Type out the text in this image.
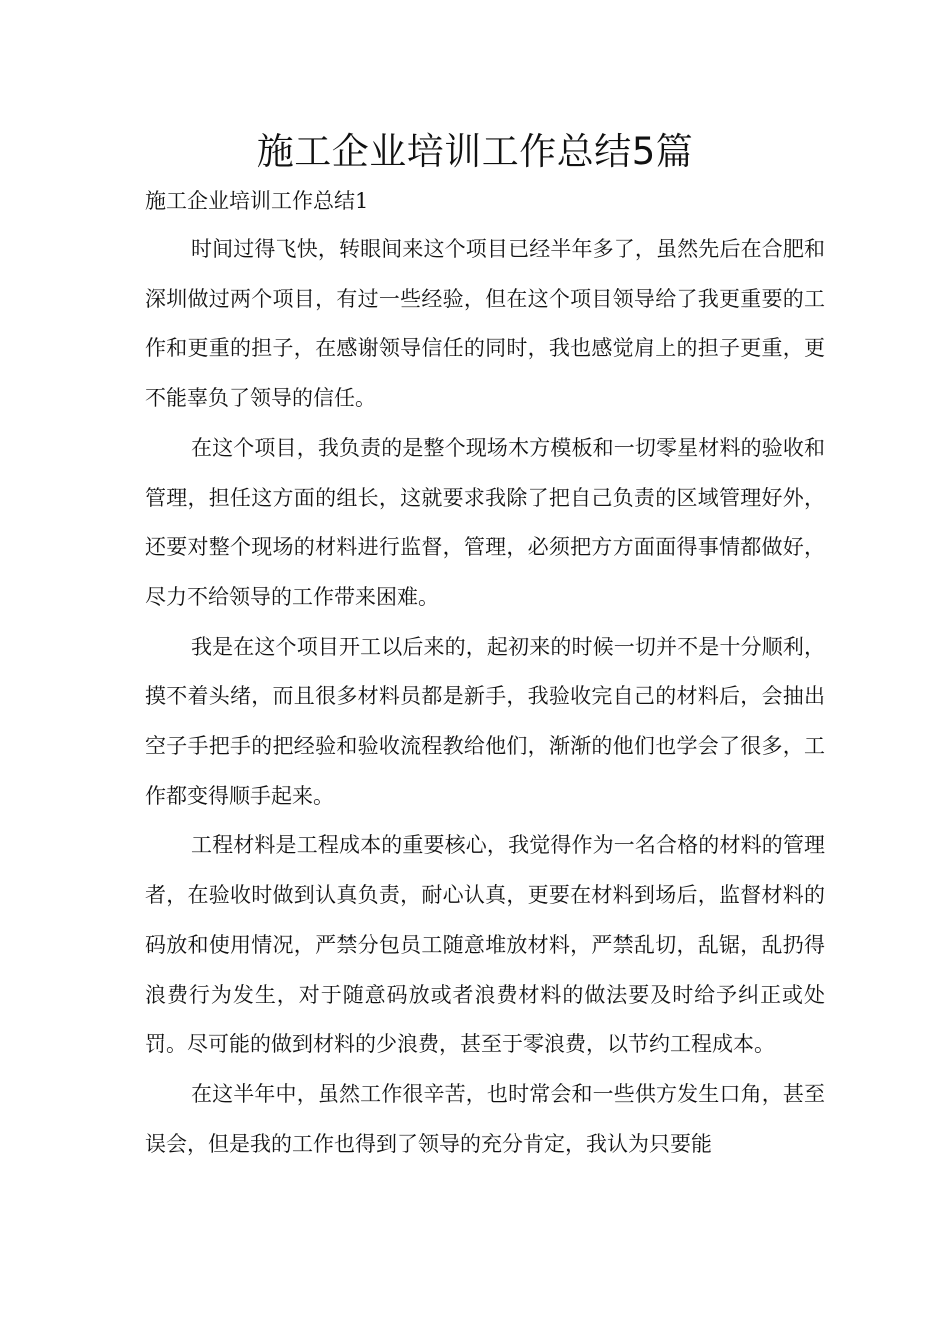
施工企业培训工作总结5篇

施工企业培训工作总结1

时间过得飞快，转眼间来这个项目已经半年多了，虽然先后在合肥和深圳做过两个项目，有过一些经验，但在这个项目领导给了我更重要的工作和更重的担子，在感谢领导信任的同时，我也感觉肩上的担子更重，更不能辜负了领导的信任。

在这个项目，我负责的是整个现场木方模板和一切零星材料的验收和管理，担任这方面的组长，这就要求我除了把自己负责的区域管理好外，还要对整个现场的材料进行监督，管理，必须把方方面面得事情都做好，尽力不给领导的工作带来困难。

我是在这个项目开工以后来的，起初来的时候一切并不是十分顺利，摸不着头绪，而且很多材料员都是新手，我验收完自己的材料后，会抽出空子手把手的把经验和验收流程教给他们，渐渐的他们也学会了很多，工作都变得顺手起来。

工程材料是工程成本的重要核心，我觉得作为一名合格的材料的管理者，在验收时做到认真负责，耐心认真，更要在材料到场后，监督材料的码放和使用情况，严禁分包员工随意堆放材料，严禁乱切，乱锯，乱扔得浪费行为发生，对于随意码放或者浪费材料的做法要及时给予纠正或处罚。尽可能的做到材料的少浪费，甚至于零浪费，以节约工程成本。

在这半年中，虽然工作很辛苦，也时常会和一些供方发生口角，甚至误会，但是我的工作也得到了领导的充分肯定，我认为只要能
